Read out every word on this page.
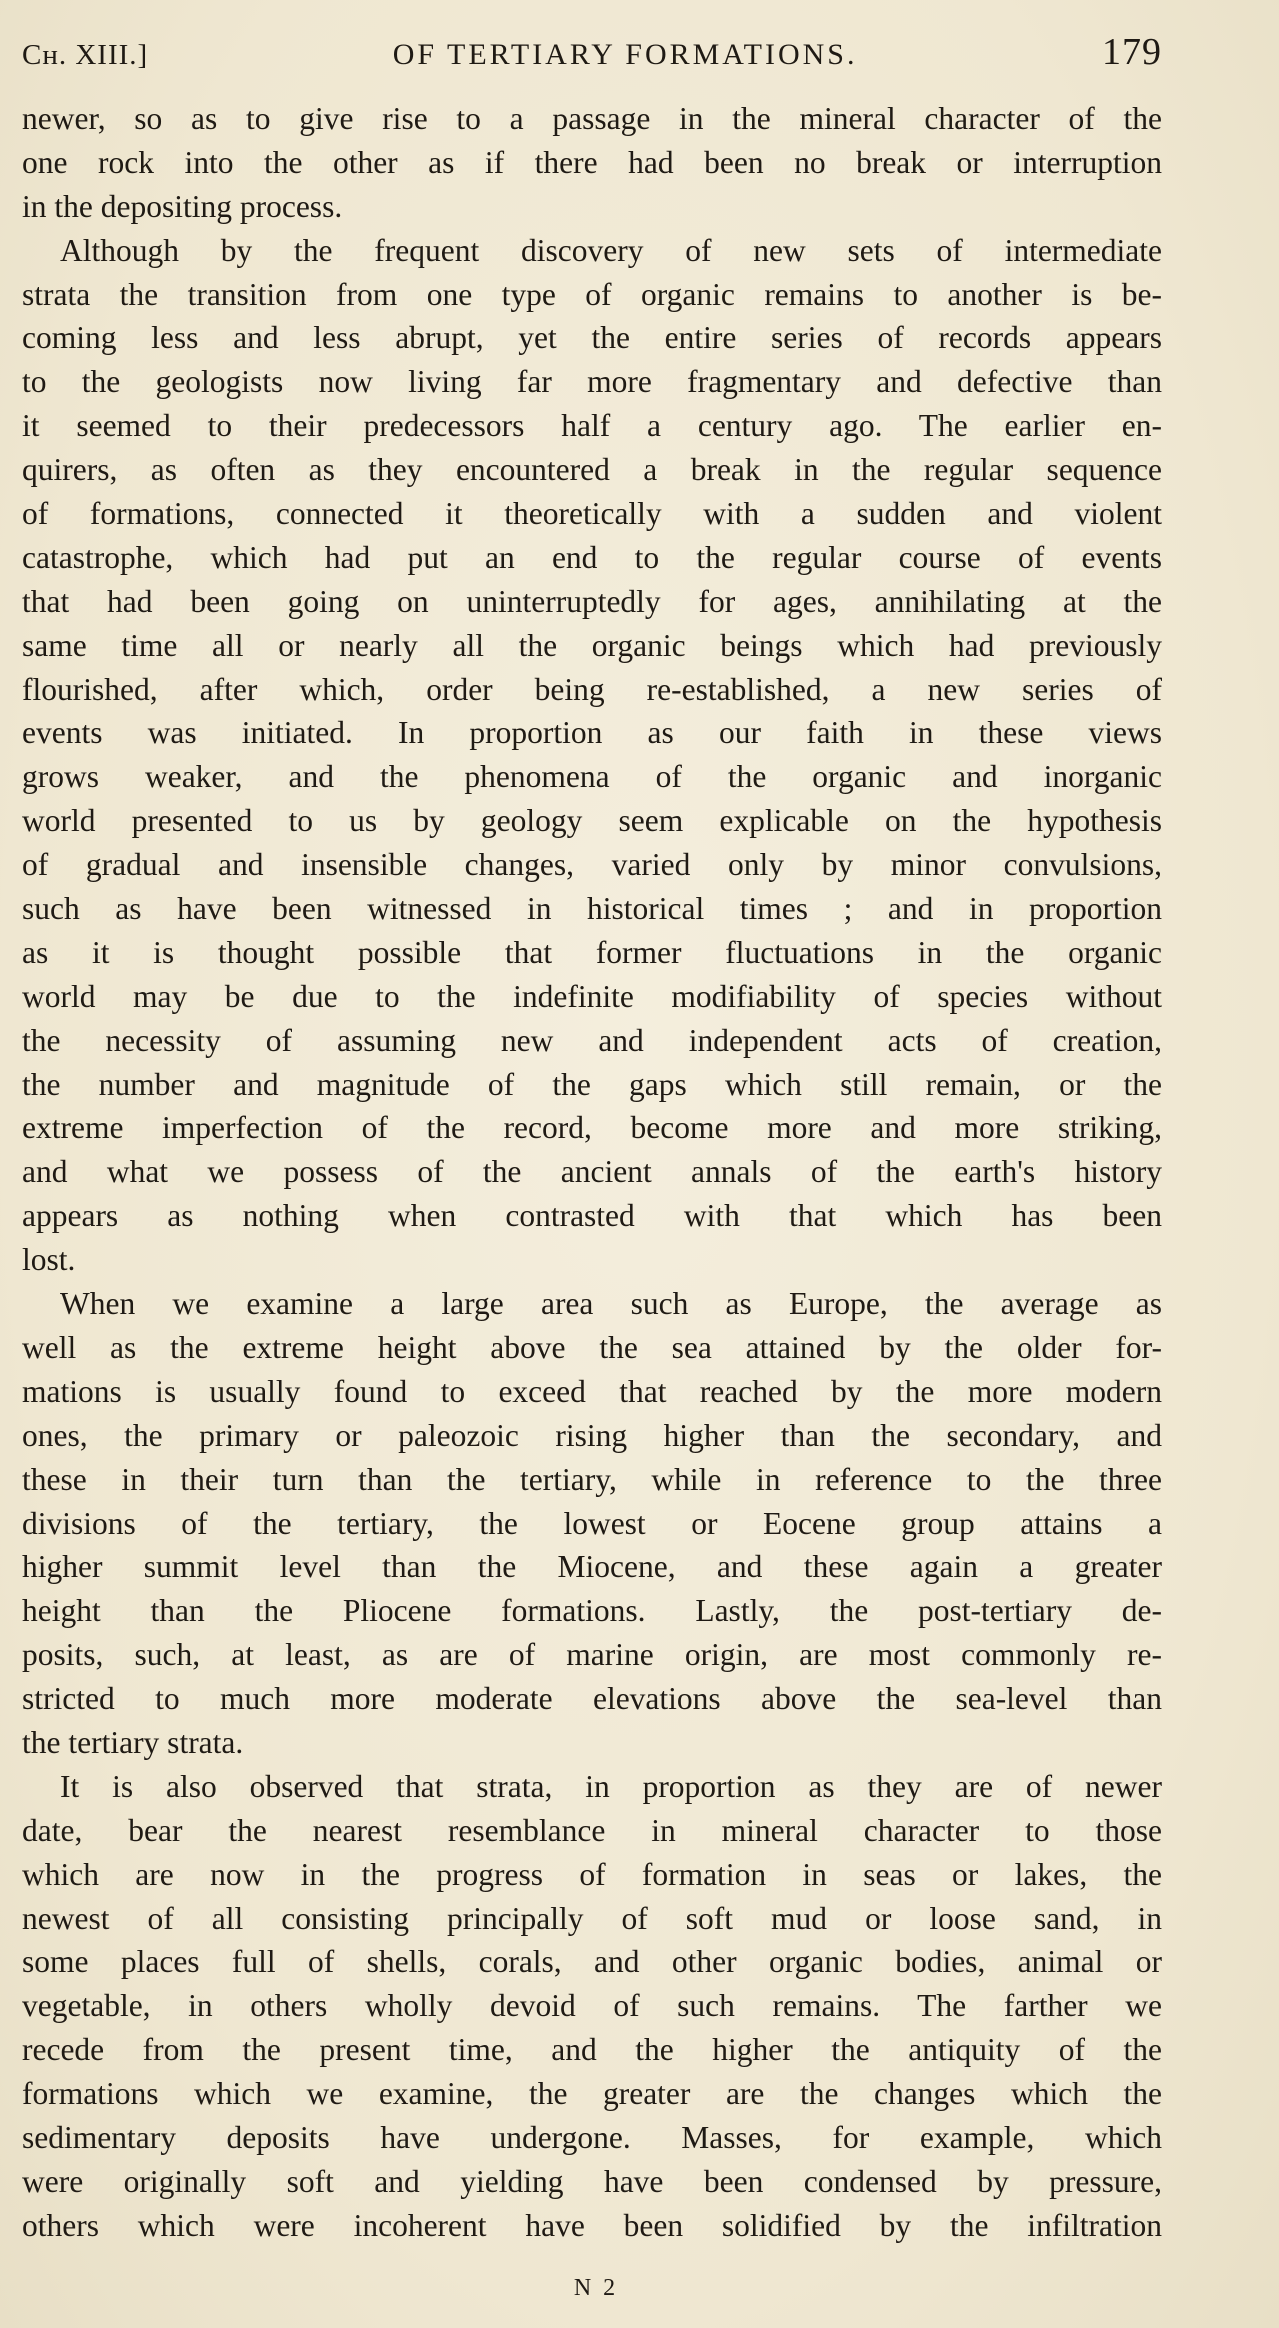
Cн. XIII.]	OF TERTIARY FORMATIONS.	179
newer, so as to give rise to a passage in the mineral character of the
one rock into the other as if there had been no break or interruption
in the depositing process.
Although by the frequent discovery of new sets of intermediate
strata the transition from one type of organic remains to another is be-
coming less and less abrupt, yet the entire series of records appears
to the geologists now living far more fragmentary and defective than
it seemed to their predecessors half a century ago. The earlier en-
quirers, as often as they encountered a break in the regular sequence
of formations, connected it theoretically with a sudden and violent
catastrophe, which had put an end to the regular course of events
that had been going on uninterruptedly for ages, annihilating at the
same time all or nearly all the organic beings which had previously
flourished, after which, order being re-established, a new series of
events was initiated. In proportion as our faith in these views
grows weaker, and the phenomena of the organic and inorganic
world presented to us by geology seem explicable on the hypothesis
of gradual and insensible changes, varied only by minor convulsions,
such as have been witnessed in historical times ; and in proportion
as it is thought possible that former fluctuations in the organic
world may be due to the indefinite modifiability of species without
the necessity of assuming new and independent acts of creation,
the number and magnitude of the gaps which still remain, or the
extreme imperfection of the record, become more and more striking,
and what we possess of the ancient annals of the earth's history
appears as nothing when contrasted with that which has been
lost.
When we examine a large area such as Europe, the average as
well as the extreme height above the sea attained by the older for-
mations is usually found to exceed that reached by the more modern
ones, the primary or paleozoic rising higher than the secondary, and
these in their turn than the tertiary, while in reference to the three
divisions of the tertiary, the lowest or Eocene group attains a
higher summit level than the Miocene, and these again a greater
height than the Pliocene formations. Lastly, the post-tertiary de-
posits, such, at least, as are of marine origin, are most commonly re-
stricted to much more moderate elevations above the sea-level than
the tertiary strata.
It is also observed that strata, in proportion as they are of newer
date, bear the nearest resemblance in mineral character to those
which are now in the progress of formation in seas or lakes, the
newest of all consisting principally of soft mud or loose sand, in
some places full of shells, corals, and other organic bodies, animal or
vegetable, in others wholly devoid of such remains. The farther we
recede from the present time, and the higher the antiquity of the
formations which we examine, the greater are the changes which the
sedimentary deposits have undergone. Masses, for example, which
were originally soft and yielding have been condensed by pressure,
others which were incoherent have been solidified by the infiltration
N 2
